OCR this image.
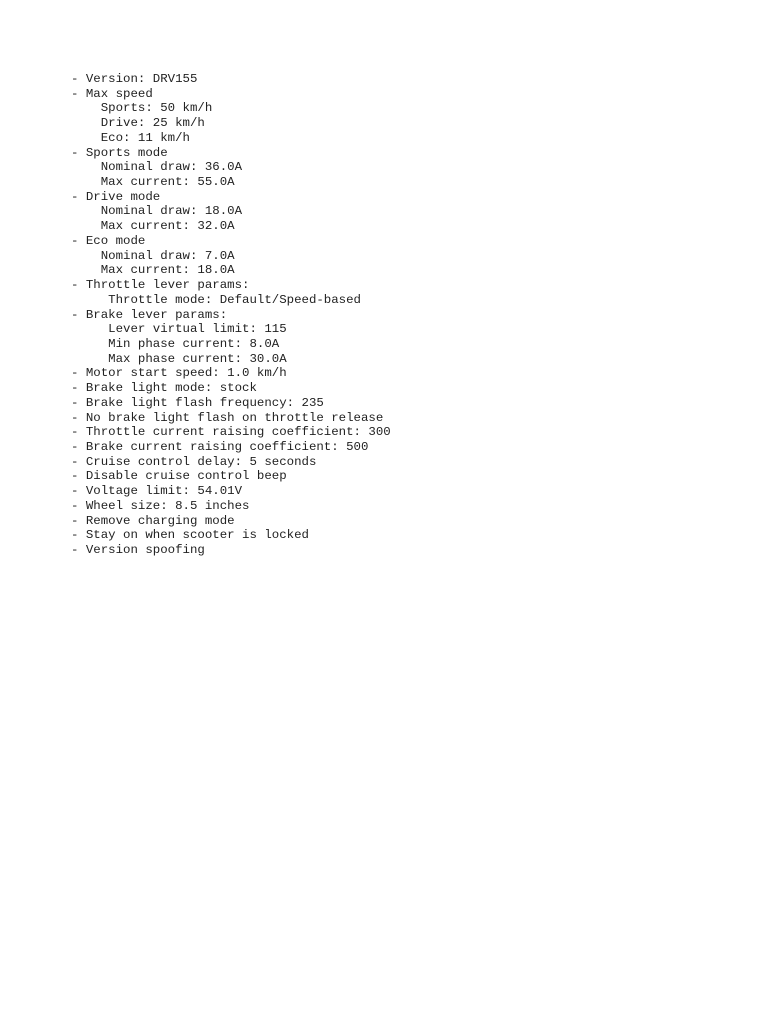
- Version: DRV155
- Max speed
Sports: 50 km/h
Drive: 25 km/h
Eco: 11 km/h
- Sports mode
Nominal draw: 36.0A
Max current: 55.0A
- Drive mode
Nominal draw: 18.0A
Max current: 32.0A
- Eco mode
Nominal draw: 7.0A
Max current: 18.0A
- Throttle lever params:
Throttle mode: Default/Speed-based
- Brake lever params:
Lever virtual limit: 115
Min phase current: 8.0A
Max phase current: 30.0A
- Motor start speed: 1.0 km/h
- Brake light mode: stock
- Brake light flash frequency: 235
- No brake light flash on throttle release
- Throttle current raising coefficient: 300
- Brake current raising coefficient: 500
- Cruise control delay: 5 seconds
- Disable cruise control beep
- Voltage limit: 54.01V
- Wheel size: 8.5 inches
- Remove charging mode
- Stay on when scooter is locked
- Version spoofing
